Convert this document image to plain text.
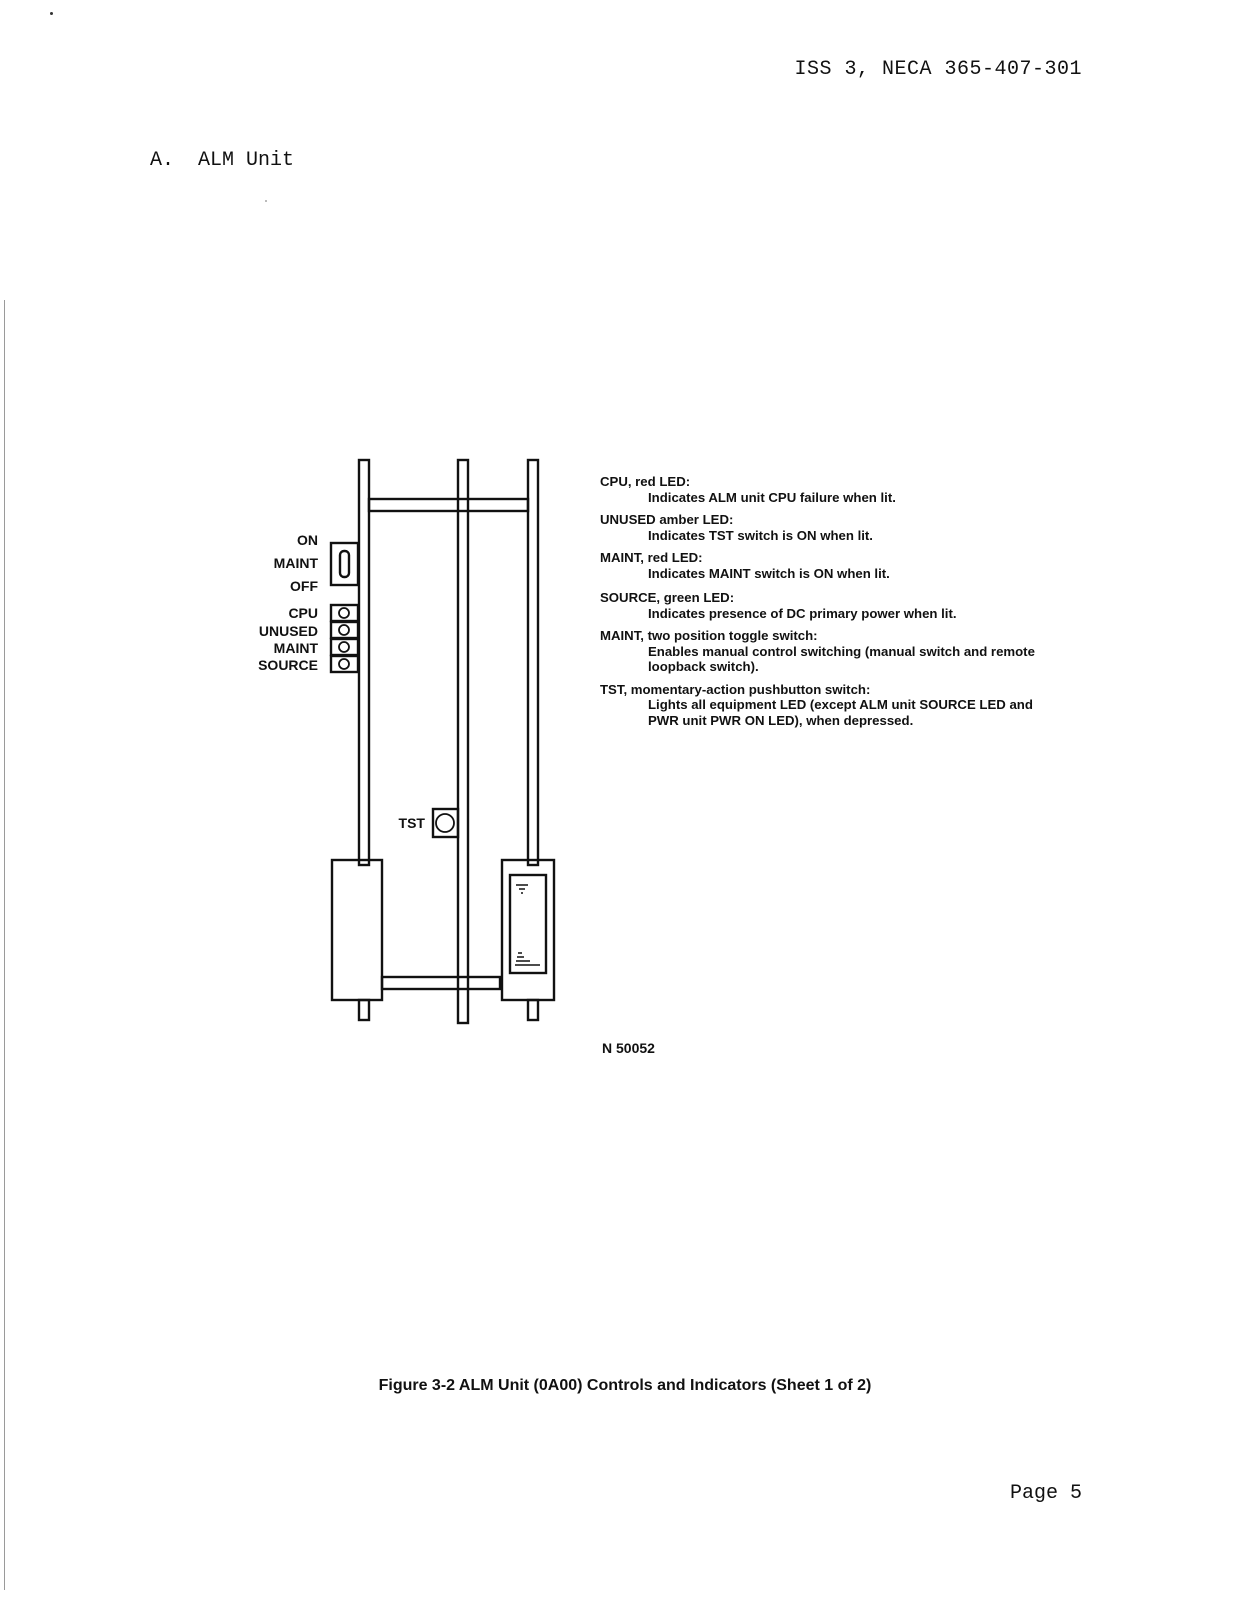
ISS 3, NECA 365-407-301
A. ALM Unit
ON
MAINT
OFF
CPU
UNUSED
MAINT
SOURCE
TST
CPU, red LED:
Indicates ALM unit CPU failure when lit.
UNUSED amber LED:
Indicates TST switch is ON when lit.
MAINT, red LED:
Indicates MAINT switch is ON when lit.
SOURCE, green LED:
Indicates presence of DC primary power when lit.
MAINT, two position toggle switch:
Enables manual control switching (manual switch and remote loopback switch).
TST, momentary-action pushbutton switch:
Lights all equipment LED (except ALM unit SOURCE LED and PWR unit PWR ON LED), when depressed.
N 50052
Figure 3-2 ALM Unit (0A00) Controls and Indicators (Sheet 1 of 2)
Page 5
